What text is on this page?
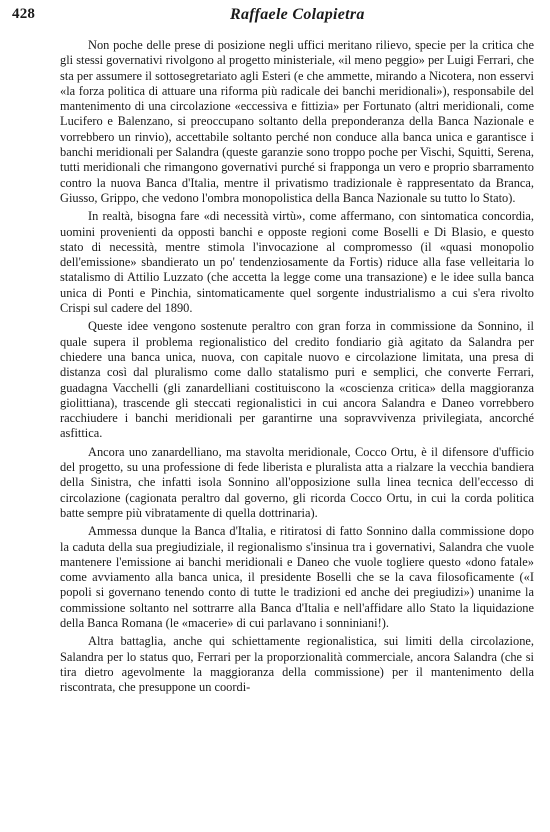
428	Raffaele Colapietra

Non poche delle prese di posizione negli uffici meritano rilievo, specie per la critica che gli stessi governativi rivolgono al progetto ministeriale, «il meno peggio» per Luigi Ferrari, che sta per assumere il sottosegretariato agli Esteri (e che ammette, mirando a Nicotera, non esservi «la forza politica di attuare una riforma più radicale dei banchi meridionali»), responsabile del mantenimento di una circolazione «eccessiva e fittizia» per Fortunato (altri meridionali, come Lucifero e Balenzano, si preoccupano soltanto della preponderanza della Banca Nazionale e vorrebbero un rinvio), accettabile soltanto perché non conduce alla banca unica e garantisce i banchi meridionali per Salandra (queste garanzie sono troppo poche per Vischi, Squitti, Serena, tutti meridionali che rimangono governativi purché si frapponga un vero e proprio sbarramento contro la nuova Banca d'Italia, mentre il privatismo tradizionale è rappresentato da Branca, Giusso, Grippo, che vedono l'ombra monopolistica della Banca Nazionale su tutto lo Stato).

In realtà, bisogna fare «di necessità virtù», come affermano, con sintomatica concordia, uomini provenienti da opposti banchi e opposte regioni come Boselli e Di Blasio, e questo stato di necessità, mentre stimola l'invocazione al compromesso (il «quasi monopolio dell'emissione» sbandierato un po' tendenziosamente da Fortis) riduce alla fase velleitaria lo statalismo di Attilio Luzzato (che accetta la legge come una transazione) e le idee sulla banca unica di Ponti e Pinchia, sintomaticamente quel sorgente industrialismo a cui s'era rivolto Crispi sul cadere del 1890.

Queste idee vengono sostenute peraltro con gran forza in commissione da Sonnino, il quale supera il problema regionalistico del credito fondiario già agitato da Salandra per chiedere una banca unica, nuova, con capitale nuovo e circolazione limitata, una presa di distanza così dal pluralismo come dallo statalismo puri e semplici, che converte Ferrari, guadagna Vacchelli (gli zanardelliani costituiscono la «coscienza critica» della maggioranza giolittiana), trascende gli steccati regionalistici in cui ancora Salandra e Daneo vorrebbero racchiudere i banchi meridionali per garantirne una sopravvivenza privilegiata, ancorché asfittica.

Ancora uno zanardelliano, ma stavolta meridionale, Cocco Ortu, è il difensore d'ufficio del progetto, su una professione di fede liberista e pluralista atta a rialzare la vecchia bandiera della Sinistra, che infatti isola Sonnino all'opposizione sulla linea tecnica dell'eccesso di circolazione (cagionata peraltro dal governo, gli ricorda Cocco Ortu, in cui la corda politica batte sempre più vibratamente di quella dottrinaria).

Ammessa dunque la Banca d'Italia, e ritiratosi di fatto Sonnino dalla commissione dopo la caduta della sua pregiudiziale, il regionalismo s'insinua tra i governativi, Salandra che vuole mantenere l'emissione ai banchi meridionali e Daneo che vuole togliere questo «dono fatale» come avviamento alla banca unica, il presidente Boselli che se la cava filosoficamente («I popoli si governano tenendo conto di tutte le tradizioni ed anche dei pregiudizi») unanime la commissione soltanto nel sottrarre alla Banca d'Italia e nell'affidare allo Stato la liquidazione della Banca Romana (le «macerie» di cui parlavano i sonniniani!).

Altra battaglia, anche qui schiettamente regionalistica, sui limiti della circolazione, Salandra per lo status quo, Ferrari per la proporzionalità commerciale, ancora Salandra (che si tira dietro agevolmente la maggioranza della commissione) per il mantenimento della riscontrata, che presuppone un coordi-
